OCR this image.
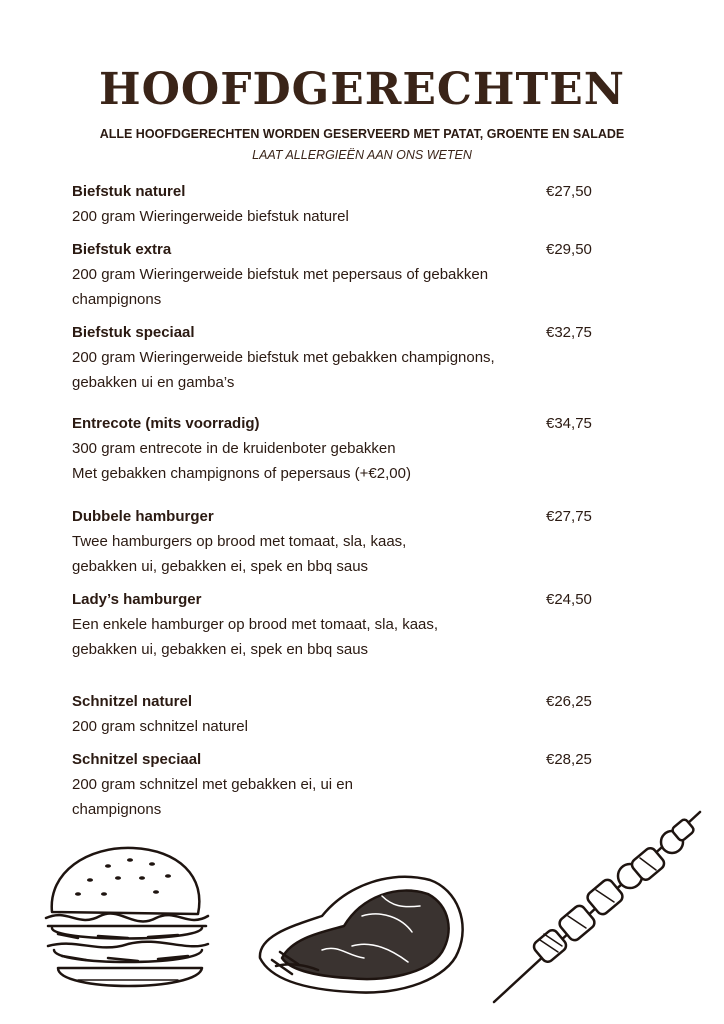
HOOFDGERECHTEN
ALLE HOOFDGERECHTEN WORDEN GESERVEERD MET PATAT, GROENTE EN SALADE
LAAT ALLERGIEËN AAN ONS WETEN
Biefstuk naturel	€27,50
200 gram Wieringerweide biefstuk naturel
Biefstuk extra	€29,50
200 gram Wieringerweide biefstuk met pepersaus of gebakken champignons
Biefstuk speciaal	€32,75
200 gram Wieringerweide biefstuk met gebakken champignons, gebakken ui en gamba’s
Entrecote (mits voorradig)	€34,75
300 gram entrecote in de kruidenboter gebakken
Met gebakken champignons of pepersaus (+€2,00)
Dubbele hamburger	€27,75
Twee hamburgers op brood met tomaat, sla, kaas, gebakken ui, gebakken ei, spek en bbq saus
Lady’s hamburger	€24,50
Een enkele hamburger op brood met tomaat, sla, kaas, gebakken ui, gebakken ei, spek en bbq saus
Schnitzel naturel	€26,25
200 gram schnitzel naturel
Schnitzel speciaal	€28,25
200 gram schnitzel met gebakken ei, ui en champignons
